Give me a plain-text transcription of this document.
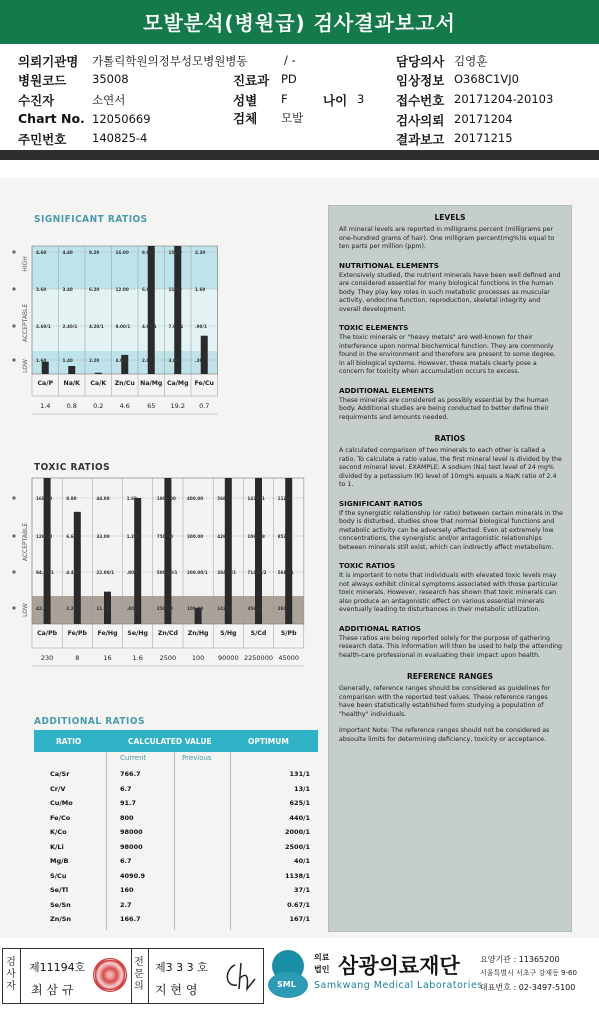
모발분석(병원급) 검사결과보고서
의뢰기관명 가톨릭학원의정부성모병원병동	/ -	담당의사 김영훈
병원코드 35008	진료과 PD	임상정보 O368C1VJ0
수진자	소연서	성별 F	나이 3	접수번호 20171204-20103
Chart No. 12050669	검체 모발	검사의뢰 20171204
주민번호 140825-4	결과보고 20171215
SIGNIFICANT RATIOS
HIGH
ACCEPTABLE
LOW
4.60
3.60
2.60/1
1.60
Ca/P
1.4
4.40
3.40
2.40/1
1.40
Na/K
0.8
8.20
6.20
4.20/1
2.20
Ca/K
0.2
16.00
12.00
8.00/1
4.00
Zn/Cu
4.6
9.00
6.00
4.00/1
2.00
Na/Mg
65
15.00
11.00
7.00/1
3.00
Ca/Mg
19.2
2.30
1.60
.90/1
.20
Fe/Cu
0.7
TOXIC RATIOS
ACCEPTABLE
LOW
168.00
126.00
84.00/1
42.00
Ca/Pb
230
8.80
6.60
4.40/1
2.20
Fe/Pb
8
44.00
33.00
22.00/1
11.00
Fe/Hg
16
1.60
1.20
.80/1
.40
Se/Hg
1.6
1000.00
750.00
500.00/1
250.00
Zn/Cd
2500
400.00
300.00
200.00/1
100.00
Zn/Hg
100
56800
42600
28400/1
14200
S/Hg
90000
142261
106848
71424/2
35660
S/Cd
2250000
11200
8520
5680/1
2840
S/Pb
45000
ADDITIONAL RATIOS
RATIO	CALCULATED VALUE	OPTIMUM
Current	Previous
Ca/Sr	766.7	131/1
Cr/V	6.7	13/1
Cu/Mo	91.7	625/1
Fe/Co	800	440/1
K/Co	98000	2000/1
K/Li	98000	2500/1
Mg/B	6.7	40/1
S/Cu	4090.9	1138/1
Se/Tl	160	37/1
Se/Sn	2.7	0.67/1
Zn/Sn	166.7	167/1
LEVELS
All mineral levels are reported in milligrams percent (milligrams per one-hundred grams of hair). One milligram percent(mg%)is equal to ten parts per million (ppm).
NUTRITIONAL ELEMENTS
Extensively studied, the nutrient minerals have been well defined and are considered essential for many biological functions in the human body. They play key roles in such metabolic processes as muscular activity, endocrine function, reproduction, skeletal integrity and overall development.
TOXIC ELEMENTS
The toxic minerals or "heavy metals" are well-known for their interference upon normal biochemical function. They are commonly found in the environment and therefore are present to some degree, in all biological systems. However, these metals clearly pose a concern for toxicity when accumulation occurs to excess.
ADDITIONAL ELEMENTS
These minerals are considered as possibly essential by the human body. Additional studies are being conducted to better define their requirments and amounts needed.
RATIOS
A calculated comparison of two minerals to each other is called a ratio. To calculate a ratio value, the first mineral level is divided by the second mineral level. EXAMPLE: A sodium (Na) test level of 24 mg% divided by a potassium (K) level of 10mg% equals a Na/K ratio of 2.4 to 1.
SIGNIFICANT RATIOS
If the synergistic relationship (or ratio) between certain minerals in the body is disturbed, studies show that normal biological functions and metabolic activity can be adversely affected. Even at extremely low concentrations, the synergistic and/or antagonistic relationships between minerals still exist, which can indirectly affect metabolism.
TOXIC RATIOS
It is important to note that individuals with elevated toxic levels may not always exhibit clinical symptoms associated with those particular toxic minerals. However, research has shown that toxic minerals can also produce an antagonistic effect on various essential minerals eventually leading to disturbances in their metabolic utilization.
ADDITIONAL RATIOS
These ratios are being reported solely for the purpose of gathering research data. This information will then be used to help the attending health-care professional in evaluating their impact upon health.
REFERENCE RANGES
Generally, reference ranges should be considered as guidelines for comparison with the reported test values. These reference ranges have been statistically established form studying a population of "healthy" individuals.
Important Note: The reference ranges should not be considered as absoulte limits for determining deficiency, toxicity or acceptance.
검사자
제11194호
최 삼 규
전문의
제3 3 3 호
지 현 영	SML
의료
법인 삼광의료재단
Samkwang Medical Laboratories
요양기관 : 11365200
서울특별시 서초구 강재동 9-60
대표번호 : 02-3497-5100
